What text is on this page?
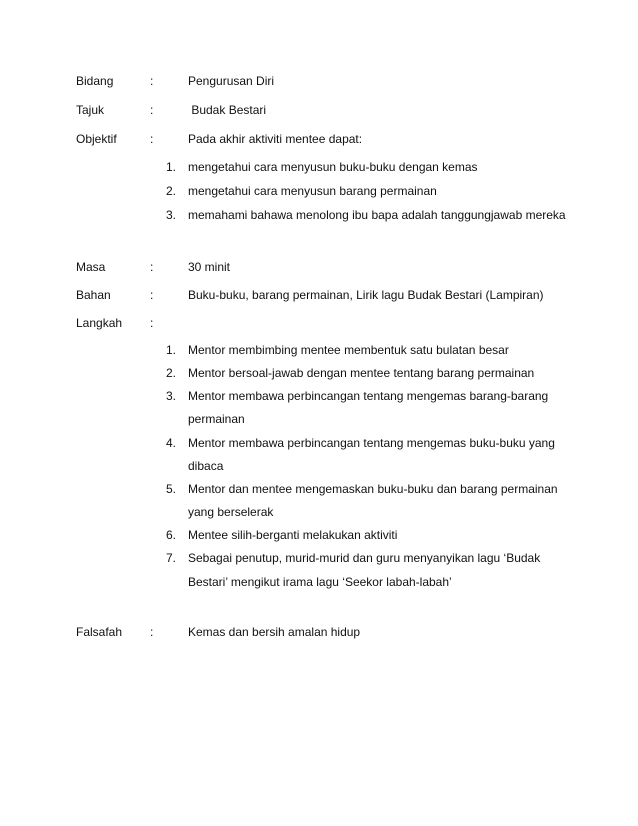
Bidang	:	Pengurusan Diri
Tajuk	:	Budak Bestari
Objektif	:	Pada akhir aktiviti mentee dapat:
1. mengetahui cara menyusun buku-buku dengan kemas
2. mengetahui cara menyusun barang permainan
3. memahami bahawa menolong ibu bapa adalah tanggungjawab mereka
Masa	:	30 minit
Bahan	:	Buku-buku, barang permainan, Lirik lagu Budak Bestari (Lampiran)
Langkah :
1. Mentor membimbing mentee membentuk satu bulatan besar
2. Mentor bersoal-jawab dengan mentee tentang barang permainan
3. Mentor membawa perbincangan tentang mengemas barang-barang
permainan
4. Mentor membawa perbincangan tentang mengemas buku-buku yang
dibaca
5. Mentor dan mentee mengemaskan buku-buku dan barang permainan
yang berselerak
6. Mentee silih-berganti melakukan aktiviti
7. Sebagai penutup, murid-murid dan guru menyanyikan lagu ‘Budak
Bestari’ mengikut irama lagu ‘Seekor labah-labah’
Falsafah :	Kemas dan bersih amalan hidup
